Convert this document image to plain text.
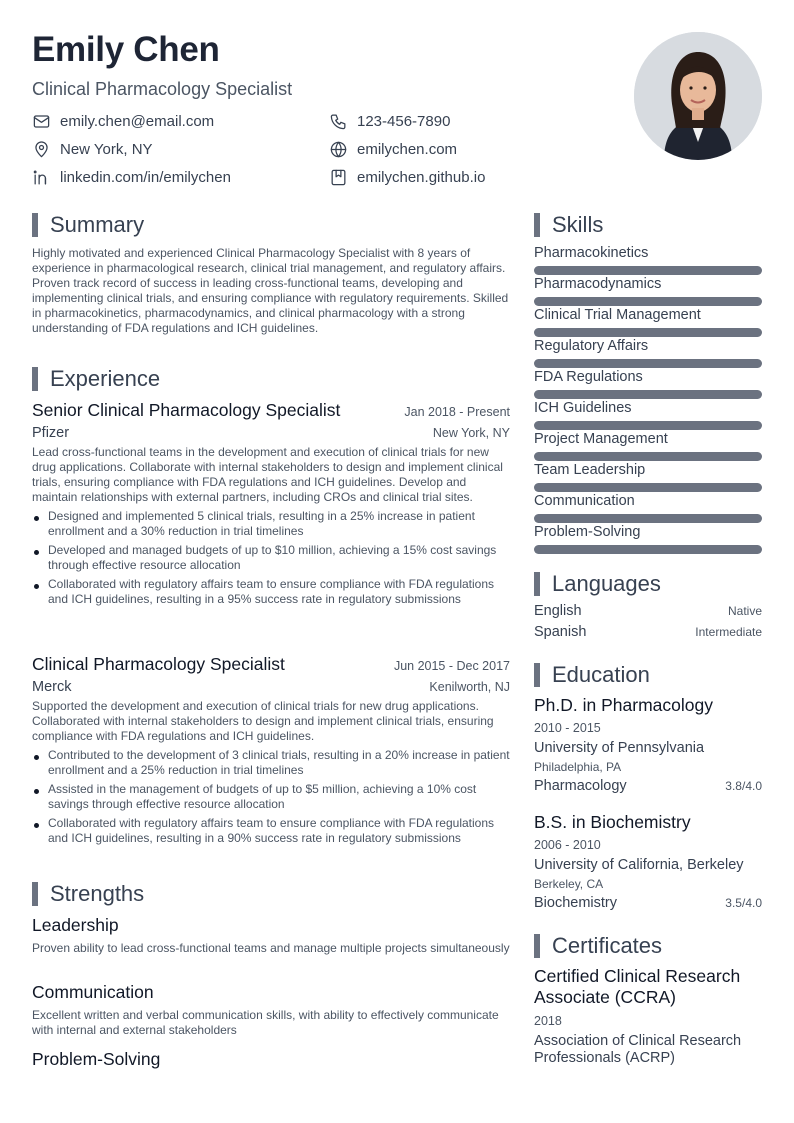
Emily Chen
Clinical Pharmacology Specialist
emily.chen@email.com	123-456-7890
New York, NY	emilychen.com
linkedin.com/in/emilychen	emilychen.github.io
Summary
Highly motivated and experienced Clinical Pharmacology Specialist with 8 years of experience in pharmacological research, clinical trial management, and regulatory affairs. Proven track record of success in leading cross-functional teams, developing and implementing clinical trials, and ensuring compliance with regulatory requirements. Skilled in pharmacokinetics, pharmacodynamics, and clinical pharmacology with a strong understanding of FDA regulations and ICH guidelines.
Experience
Senior Clinical Pharmacology Specialist	Jan 2018 - Present
Pfizer	New York, NY
Lead cross-functional teams in the development and execution of clinical trials for new drug applications. Collaborate with internal stakeholders to design and implement clinical trials, ensuring compliance with FDA regulations and ICH guidelines. Develop and maintain relationships with external partners, including CROs and clinical trial sites.
Designed and implemented 5 clinical trials, resulting in a 25% increase in patient enrollment and a 30% reduction in trial timelines
Developed and managed budgets of up to $10 million, achieving a 15% cost savings through effective resource allocation
Collaborated with regulatory affairs team to ensure compliance with FDA regulations and ICH guidelines, resulting in a 95% success rate in regulatory submissions
Clinical Pharmacology Specialist	Jun 2015 - Dec 2017
Merck	Kenilworth, NJ
Supported the development and execution of clinical trials for new drug applications. Collaborated with internal stakeholders to design and implement clinical trials, ensuring compliance with FDA regulations and ICH guidelines.
Contributed to the development of 3 clinical trials, resulting in a 20% increase in patient enrollment and a 25% reduction in trial timelines
Assisted in the management of budgets of up to $5 million, achieving a 10% cost savings through effective resource allocation
Collaborated with regulatory affairs team to ensure compliance with FDA regulations and ICH guidelines, resulting in a 90% success rate in regulatory submissions
Strengths
Leadership
Proven ability to lead cross-functional teams and manage multiple projects simultaneously
Communication
Excellent written and verbal communication skills, with ability to effectively communicate with internal and external stakeholders
Problem-Solving
Skills
Pharmacokinetics
Pharmacodynamics
Clinical Trial Management
Regulatory Affairs
FDA Regulations
ICH Guidelines
Project Management
Team Leadership
Communication
Problem-Solving
Languages
English	Native
Spanish	Intermediate
Education
Ph.D. in Pharmacology
2010 - 2015
University of Pennsylvania
Philadelphia, PA
Pharmacology	3.8/4.0
B.S. in Biochemistry
2006 - 2010
University of California, Berkeley
Berkeley, CA
Biochemistry	3.5/4.0
Certificates
Certified Clinical Research Associate (CCRA)
2018
Association of Clinical Research Professionals (ACRP)
